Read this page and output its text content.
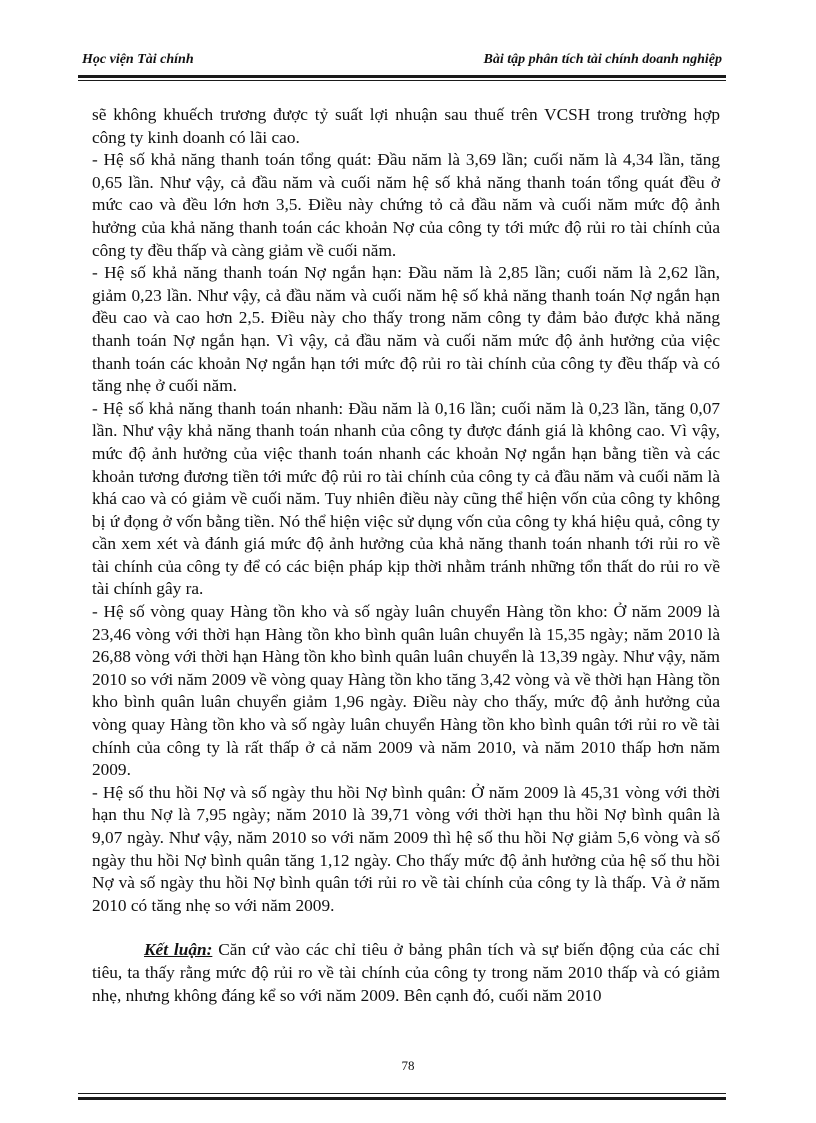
Học viện Tài chính	Bài tập phân tích tài chính doanh nghiệp

sẽ không khuếch trương được tỷ suất lợi nhuận sau thuế trên VCSH trong trường hợp công ty kinh doanh có lãi cao.

- Hệ số khả năng thanh toán tổng quát: Đầu năm là 3,69 lần; cuối năm là 4,34 lần, tăng 0,65 lần. Như vậy, cả đầu năm và cuối năm hệ số khả năng thanh toán tổng quát đều ở mức cao và đều lớn hơn 3,5. Điều này chứng tỏ cả đầu năm và cuối năm mức độ ảnh hưởng của khả năng thanh toán các khoản Nợ của công ty tới mức độ rủi ro tài chính của công ty đều thấp và càng giảm về cuối năm.

- Hệ số khả năng thanh toán Nợ ngắn hạn: Đầu năm là 2,85 lần; cuối năm là 2,62 lần, giảm 0,23 lần. Như vậy, cả đầu năm và cuối năm hệ số khả năng thanh toán Nợ ngắn hạn đều cao và cao hơn 2,5. Điều này cho thấy trong năm công ty đảm bảo được khả năng thanh toán Nợ ngắn hạn. Vì vậy, cả đầu năm và cuối năm mức độ ảnh hưởng của việc thanh toán các khoản Nợ ngắn hạn tới mức độ rủi ro tài chính của công ty đều thấp và có tăng nhẹ ở cuối năm.

- Hệ số khả năng thanh toán nhanh: Đầu năm là 0,16 lần; cuối năm là 0,23 lần, tăng 0,07 lần. Như vậy khả năng thanh toán nhanh của công ty được đánh giá là không cao. Vì vậy, mức độ ảnh hưởng của việc thanh toán nhanh các khoản Nợ ngắn hạn bằng tiền và các khoản tương đương tiền tới mức độ rủi ro tài chính của công ty cả đầu năm và cuối năm là khá cao và có giảm về cuối năm. Tuy nhiên điều này cũng thể hiện vốn của công ty không bị ứ đọng ở vốn bằng tiền. Nó thể hiện việc sử dụng vốn của công ty khá hiệu quả, công ty cần xem xét và đánh giá mức độ ảnh hưởng của khả năng thanh toán nhanh tới rủi ro về tài chính của công ty để có các biện pháp kịp thời nhằm tránh những tổn thất do rủi ro về tài chính gây ra.

- Hệ số vòng quay Hàng tồn kho và số ngày luân chuyển Hàng tồn kho: Ở năm 2009 là 23,46 vòng với thời hạn Hàng tồn kho bình quân luân chuyển là 15,35 ngày; năm 2010 là 26,88 vòng với thời hạn Hàng tồn kho bình quân luân chuyển là 13,39 ngày. Như vậy, năm 2010 so với năm 2009 về vòng quay Hàng tồn kho tăng 3,42 vòng và về thời hạn Hàng tồn kho bình quân luân chuyển giảm 1,96 ngày. Điều này cho thấy, mức độ ảnh hưởng của vòng quay Hàng tồn kho và số ngày luân chuyển Hàng tồn kho bình quân tới rủi ro về tài chính của công ty là rất thấp ở cả năm 2009 và năm 2010, và năm 2010 thấp hơn năm 2009.

- Hệ số thu hồi Nợ và số ngày thu hồi Nợ bình quân: Ở năm 2009 là 45,31 vòng với thời hạn thu Nợ là 7,95 ngày; năm 2010 là 39,71 vòng với thời hạn thu hồi Nợ bình quân là 9,07 ngày. Như vậy, năm 2010 so với năm 2009 thì hệ số thu hồi Nợ giảm 5,6 vòng và số ngày thu hồi Nợ bình quân tăng 1,12 ngày. Cho thấy mức độ ảnh hưởng của hệ số thu hồi Nợ và số ngày thu hồi Nợ bình quân tới rủi ro về tài chính của công ty là thấp. Và ở năm 2010 có tăng nhẹ so với năm 2009.

Kết luận: Căn cứ vào các chỉ tiêu ở bảng phân tích và sự biến động của các chỉ tiêu, ta thấy rằng mức độ rủi ro về tài chính của công ty trong năm 2010 thấp và có giảm nhẹ, nhưng không đáng kể so với năm 2009. Bên cạnh đó, cuối năm 2010

78
